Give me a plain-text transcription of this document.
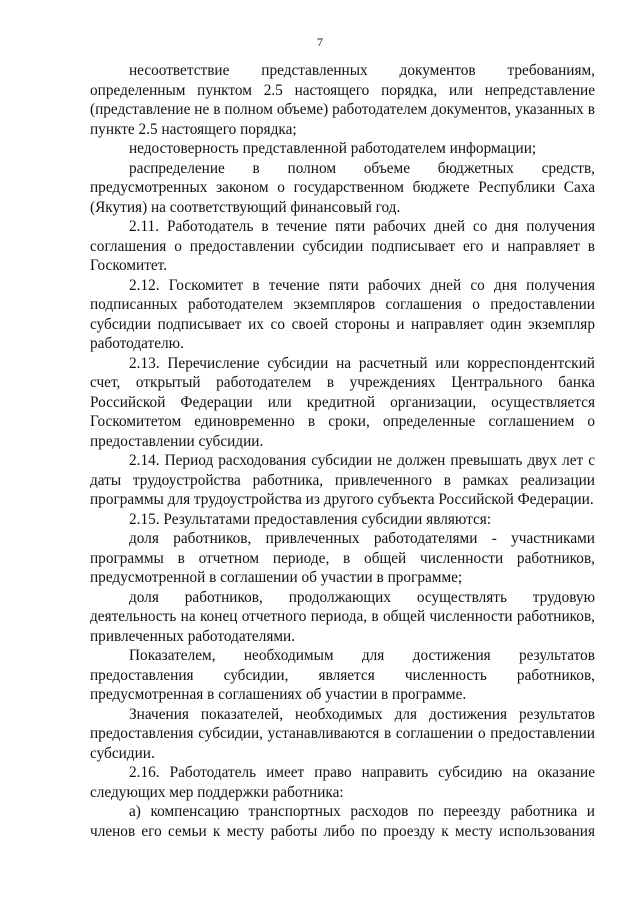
7

несоответствие представленных документов требованиям, определенным пунктом 2.5 настоящего порядка, или непредставление (представление не в полном объеме) работодателем документов, указанных в пункте 2.5 настоящего порядка;

недостоверность представленной работодателем информации;

распределение в полном объеме бюджетных средств, предусмотренных законом о государственном бюджете Республики Саха (Якутия) на соответствующий финансовый год.

2.11. Работодатель в течение пяти рабочих дней со дня получения соглашения о предоставлении субсидии подписывает его и направляет в Госкомитет.

2.12. Госкомитет в течение пяти рабочих дней со дня получения подписанных работодателем экземпляров соглашения о предоставлении субсидии подписывает их со своей стороны и направляет один экземпляр работодателю.

2.13. Перечисление субсидии на расчетный или корреспондентский счет, открытый работодателем в учреждениях Центрального банка Российской Федерации или кредитной организации, осуществляется Госкомитетом единовременно в сроки, определенные соглашением о предоставлении субсидии.

2.14. Период расходования субсидии не должен превышать двух лет с даты трудоустройства работника, привлеченного в рамках реализации программы для трудоустройства из другого субъекта Российской Федерации.

2.15. Результатами предоставления субсидии являются:

доля работников, привлеченных работодателями - участниками программы в отчетном периоде, в общей численности работников, предусмотренной в соглашении об участии в программе;

доля работников, продолжающих осуществлять трудовую деятельность на конец отчетного периода, в общей численности работников, привлеченных работодателями.

Показателем, необходимым для достижения результатов предоставления субсидии, является численность работников, предусмотренная в соглашениях об участии в программе.

Значения показателей, необходимых для достижения результатов предоставления субсидии, устанавливаются в соглашении о предоставлении субсидии.

2.16. Работодатель имеет право направить субсидию на оказание следующих мер поддержки работника:

а) компенсацию транспортных расходов по переезду работника и членов его семьи к месту работы либо по проезду к месту использования
